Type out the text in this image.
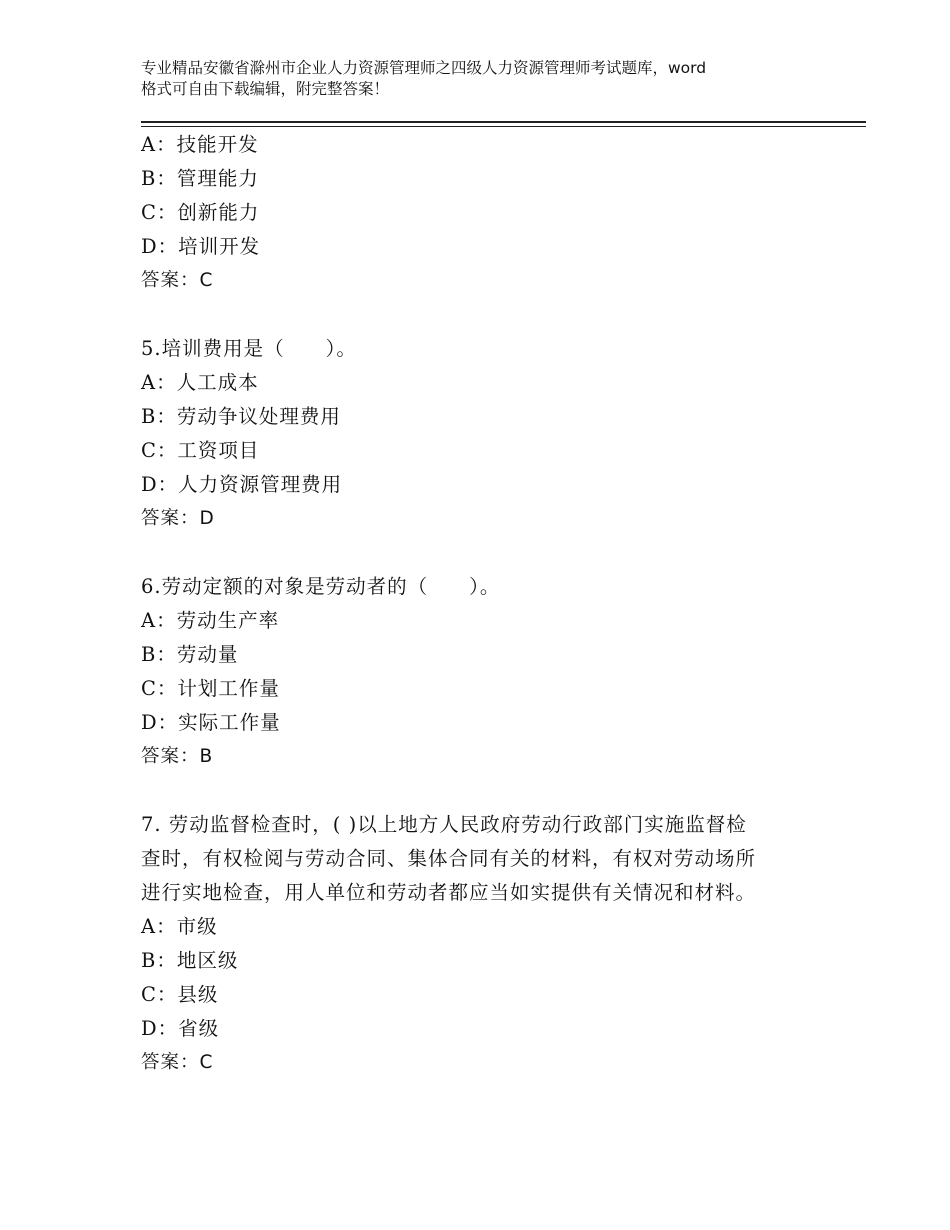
专业精品安徽省滁州市企业人力资源管理师之四级人力资源管理师考试题库，word
格式可自由下载编辑，附完整答案！
A：技能开发
B：管理能力
C：创新能力
D：培训开发
答案：C
5.培训费用是（　　）。
A：人工成本
B：劳动争议处理费用
C：工资项目
D：人力资源管理费用
答案：D
6.劳动定额的对象是劳动者的（　　）。
A：劳动生产率
B：劳动量
C：计划工作量
D：实际工作量
答案：B
7. 劳动监督检查时，( )以上地方人民政府劳动行政部门实施监督检
查时，有权检阅与劳动合同、集体合同有关的材料，有权对劳动场所
进行实地检查，用人单位和劳动者都应当如实提供有关情况和材料。
A：市级
B：地区级
C：县级
D：省级
答案：C
